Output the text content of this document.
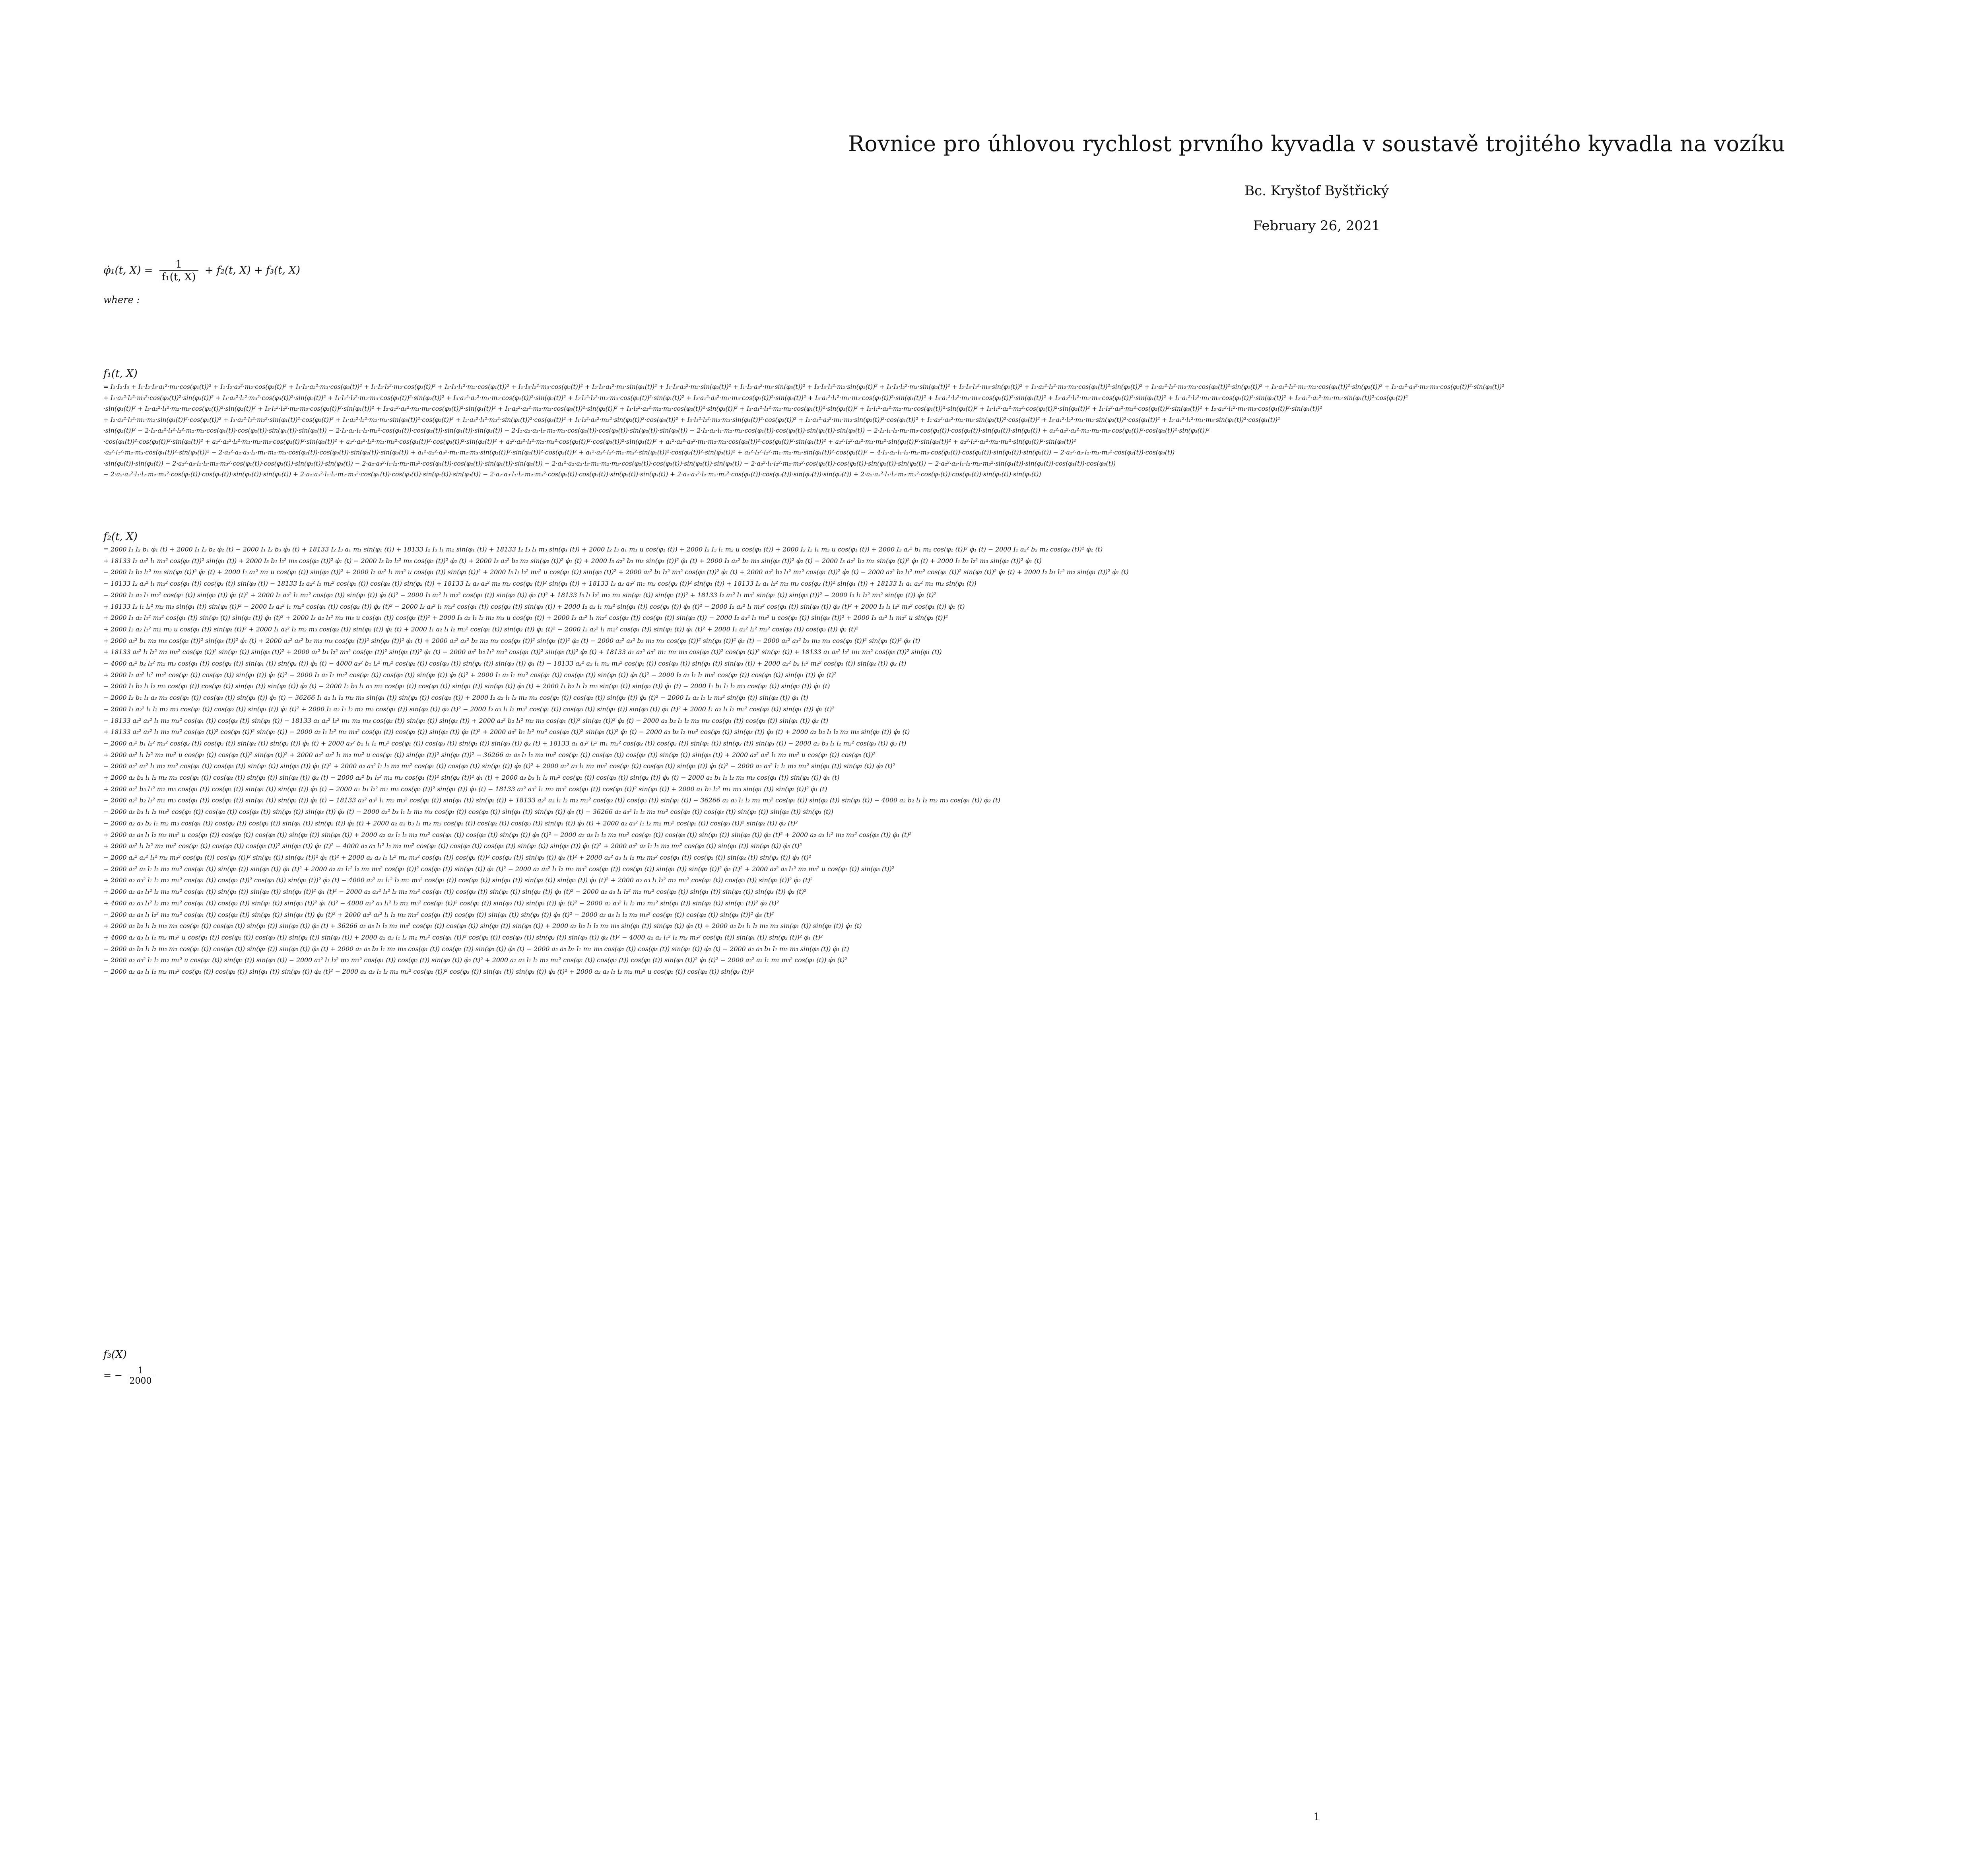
Rovnice pro úhlovou rychlost prvního kyvadla v soustavě trojitého kyvadla na vozíku
Bc. Kryštof Byštřický
February 26, 2021
φ̇₁(t, $X) = \frac{1}{\text{f₁(t, X)}} + f_2(t$, X) + f₃(t, X)
where :
f₁(t, X)
= I₁·I₂·I₃ + I₁·I₂·I₃·a₁²·m₁·cos(φ₁(t))² + I₁·I₂·a₂²·m₂·cos(φ₂(t))² + I₁·I₂·a₂²·m₃·cos(φ₂(t))² + I₁·I₂·l₂²·m₂·cos(φ₁(t))² + I₂·I₃·l₁²·m₂·cos(φ₁(t))² + I₁·I₃·l₂²·m₃·cos(φ₂(t))² + I₂·I₃·a₁²·m₁·sin(φ₁(t))² + I₁·I₃·a₂²·m₂·sin(φ₂(t))² + I₁·I₂·a₃²·m₃·sin(φ₃(t))² + I₂·I₃·l₁²·m₂·sin(φ₁(t))² + I₁·I₃·l₂²·m₃·sin(φ₂(t))² + I₂·I₃·l₁²·m₃·sin(φ₁(t))² + I₁·a₂²·l₂²·m₂·m₃·cos(φ₁(t))²·sin(φ₂(t))² + I₁·a₂²·l₂²·m₂·m₃·cos(φ₂(t))²·sin(φ₁(t))² + I₃·a₁²·l₂²·m₁·m₂·cos(φ₁(t))²·sin(φ₂(t))² + I₂·a₂²·a₃²·m₂·m₃·cos(φ₂(t))²·sin(φ₃(t))²
+ I₁·a₂²·l₂²·m₃²·cos(φ₂(t))²·sin(φ₃(t))² + I₁·a₃²·l₂²·m₃²·cos(φ₃(t))²·sin(φ₂(t))² + I₁·l₁²·l₂²·m₂·m₃·cos(φ₁(t))²·sin(φ₂(t))² + I₃·a₁²·a₂²·m₁·m₂·cos(φ₁(t))²·sin(φ₂(t))² + I₂·l₁²·l₂²·m₂·m₃·cos(φ₂(t))²·sin(φ₁(t))² + I₂·a₁²·a₃²·m₁·m₃·cos(φ₁(t))²·sin(φ₃(t))² + I₃·a₁²·l₁²·m₁·m₂·cos(φ₁(t))²·sin(φ₁(t))² + I₃·a₁²·l₂²·m₁·m₃·cos(φ₂(t))²·sin(φ₁(t))² + I₂·a₂²·l₁²·m₂·m₃·cos(φ₂(t))²·sin(φ₁(t))² + I₁·a₁²·l₂²·m₁·m₃·cos(φ₁(t))²·sin(φ₂(t))² + I₂·a₁²·a₂²·m₁·m₂·sin(φ₁(t))²·cos(φ₂(t))²
·sin(φ₁(t))² + I₂·a₂²·l₁²·m₂·m₃·cos(φ₁(t))²·sin(φ₂(t))² + I₃·l₁²·l₂²·m₂·m₃·cos(φ₂(t))²·sin(φ₁(t))² + I₂·a₁²·a₃²·m₁·m₃·cos(φ₃(t))²·sin(φ₁(t))² + I₁·a₂²·a₃²·m₂·m₃·cos(φ₃(t))²·sin(φ₂(t))² + I₁·l₂²·a₃²·m₂·m₃·cos(φ₂(t))²·sin(φ₃(t))² + I₃·a₁²·l₁²·m₁·m₂·cos(φ₁(t))²·sin(φ₁(t))² + I₂·l₁²·a₃²·m₂·m₃·cos(φ₁(t))²·sin(φ₃(t))² + I₃·l₁²·a₂²·m₂²·cos(φ₁(t))²·sin(φ₂(t))² + I₁·l₂²·a₃²·m₃²·cos(φ₂(t))²·sin(φ₃(t))² + I₂·a₁²·l₁²·m₁·m₃·cos(φ₁(t))²·sin(φ₁(t))²
+ I₂·a₁²·l₁²·m₁·m₂·sin(φ₁(t))²·cos(φ₁(t))² + I₃·a₂²·l₁²·m₂²·sin(φ₁(t))²·cos(φ₂(t))² + I₁·a₂²·l₂²·m₂·m₃·sin(φ₃(t))²·cos(φ₂(t))² + I₂·a₃²·l₁²·m₃²·sin(φ₁(t))²·cos(φ₃(t))² + I₁·l₂²·a₃²·m₃²·sin(φ₂(t))²·cos(φ₃(t))² + I₃·l₁²·l₂²·m₂·m₃·sin(φ₁(t))²·cos(φ₂(t))² + I₂·a₁²·a₂²·m₁·m₂·sin(φ₂(t))²·cos(φ₁(t))² + I₁·a₂²·a₃²·m₂·m₃·sin(φ₂(t))²·cos(φ₃(t))² + I₃·a₁²·l₂²·m₁·m₂·sin(φ₂(t))²·cos(φ₁(t))² + I₂·a₁²·l₁²·m₁·m₃·sin(φ₁(t))²·cos(φ₁(t))²
·sin(φ₂(t))² − 2·I₂·a₂²·l₁²·l₂²·m₂·m₃·cos(φ₁(t))·cos(φ₂(t))·sin(φ₁(t))·sin(φ₂(t)) − 2·I₃·a₂·l₁·l₂·m₂²·cos(φ₁(t))·cos(φ₂(t))·sin(φ₁(t))·sin(φ₂(t)) − 2·I₁·a₂·a₃·l₂·m₂·m₃·cos(φ₂(t))·cos(φ₃(t))·sin(φ₂(t))·sin(φ₃(t)) − 2·I₂·a₃·l₁·m₂·m₃·cos(φ₁(t))·cos(φ₃(t))·sin(φ₁(t))·sin(φ₃(t)) − 2·I₃·l₁·l₂·m₂·m₃·cos(φ₁(t))·cos(φ₂(t))·sin(φ₁(t))·sin(φ₂(t)) + a₁²·a₂²·a₃²·m₁·m₂·m₃·cos(φ₁(t))²·cos(φ₂(t))²·sin(φ₃(t))²
·cos(φ₁(t))²·cos(φ₃(t))²·sin(φ₂(t))² + a₁²·a₂²·l₂²·m₁·m₂·m₃·cos(φ₁(t))²·sin(φ₂(t))² + a₁²·a₃²·l₂²·m₁·m₃²·cos(φ₁(t))²·cos(φ₃(t))²·sin(φ₂(t))² + a₂²·a₃²·l₁²·m₂·m₃²·cos(φ₂(t))²·cos(φ₃(t))²·sin(φ₁(t))² + a₁²·a₂²·a₃²·m₁·m₂·m₃·cos(φ₂(t))²·cos(φ₃(t))²·sin(φ₁(t))² + a₁²·l₂²·a₃²·m₁·m₃²·sin(φ₁(t))²·sin(φ₂(t))² + a₂²·l₁²·a₃²·m₂·m₃²·sin(φ₁(t))²·sin(φ₃(t))²
·a₂²·l₁²·m₂·m₃·cos(φ₁(t))²·sin(φ₃(t))² − 2·a₁²·a₂·a₃·l₂·m₁·m₂·m₃·cos(φ₂(t))·cos(φ₃(t))·sin(φ₂(t))·sin(φ₃(t)) + a₁²·a₂²·a₃²·m₁·m₂·m₃·sin(φ₁(t))²·sin(φ₂(t))²·cos(φ₃(t))² + a₁²·a₃²·l₂²·m₁·m₃²·sin(φ₁(t))²·cos(φ₂(t))²·sin(φ₃(t))² + a₁²·l₁²·l₂²·m₁·m₂·m₃·sin(φ₁(t))²·cos(φ₂(t))² − 4·I₃·a₂·l₁·l₂·m₂·m₃·cos(φ₁(t))·cos(φ₂(t))·sin(φ₁(t))·sin(φ₂(t)) − 2·a₁²·a₃·l₂·m₁·m₃²·cos(φ₂(t))·cos(φ₃(t))
·sin(φ₂(t))·sin(φ₃(t)) − 2·a₂²·a₃·l₁·l₂·m₂·m₃²·cos(φ₁(t))·cos(φ₃(t))·sin(φ₁(t))·sin(φ₃(t)) − 2·a₂·a₃²·l₁·l₂·m₂·m₃²·cos(φ₁(t))·cos(φ₂(t))·sin(φ₁(t))·sin(φ₂(t)) − 2·a₁²·a₂·a₃·l₂·m₁·m₂·m₃·cos(φ₂(t))·cos(φ₃(t))·sin(φ₂(t))·sin(φ₃(t)) − 2·a₃²·l₁·l₂²·m₂·m₃²·cos(φ₁(t))·cos(φ₂(t))·sin(φ₁(t))·sin(φ₂(t)) − 2·a₂²·a₃·l₁·l₂·m₂·m₃²·sin(φ₁(t))·sin(φ₃(t))·cos(φ₁(t))·cos(φ₃(t))
− 2·a₂·a₃²·l₁·l₂·m₂·m₃²·cos(φ₁(t))·cos(φ₂(t))·sin(φ₁(t))·sin(φ₂(t)) + 2·a₂·a₃²·l₁·l₂·m₂·m₃²·cos(φ₁(t))·cos(φ₃(t))·sin(φ₁(t))·sin(φ₃(t)) − 2·a₂·a₃·l₁·l₂·m₂·m₃²·cos(φ₂(t))·cos(φ₃(t))·sin(φ₂(t))·sin(φ₃(t)) + 2·a₂·a₃²·l₂·m₂·m₃²·cos(φ₁(t))·cos(φ₃(t))·sin(φ₂(t))·sin(φ₃(t)) + 2·a₂·a₃²·l₁·l₂·m₂·m₃²·cos(φ₁(t))·cos(φ₂(t))·sin(φ₁(t))·sin(φ₃(t))
f₂(t, X)
= 2000 I₁ I₂ b₁ φ̇₁ (t) + 2000 I₁ I₃ b₂ φ̇₂ (t) − 2000 I₁ I₂ b₃ φ̇₃ (t) + 18133 I₂ I₃ a₁ m₁ sin(φ₁ (t)) + 18133 I₂ I₃ l₁ m₂ sin(φ₁ (t)) + 18133 I₂ I₃ l₁ m₃ sin(φ₁ (t)) + 2000 I₂ I₃ a₁ m₁ u cos(φ₁ (t)) + 2000 I₂ I₃ l₁ m₂ u cos(φ₁ (t)) + 2000 I₂ I₃ l₁ m₃ u cos(φ₁ (t)) + 2000 I₃ a₂² b₁ m₂ cos(φ₂ (t))² φ̇₁ (t) − 2000 I₁ a₂² b₂ m₂ cos(φ₂ (t))² φ̇₂ (t)
+ 18133 I₂ a₃² l₁ m₃² cos(φ₃ (t))² sin(φ₁ (t)) + 2000 I₃ b₁ l₂² m₃ cos(φ₂ (t))² φ̇₁ (t) − 2000 I₃ b₂ l₂² m₃ cos(φ₂ (t))² φ̇₂ (t) + 2000 I₃ a₂² b₂ m₂ sin(φ₂ (t))² φ̇₁ (t) + 2000 I₃ a₂² b₃ m₃ sin(φ₃ (t))² φ̇₁ (t) + 2000 I₃ a₃² b₂ m₃ sin(φ₃ (t))² φ̇₂ (t) − 2000 I₃ a₂² b₂ m₂ sin(φ₂ (t))² φ̇₁ (t) + 2000 I₁ b₂ l₂² m₃ sin(φ₂ (t))² φ̇₁ (t)
− 2000 I₃ b₂ l₂² m₃ sin(φ₂ (t))² φ̇₂ (t) + 2000 I₁ a₂² m₂ u cos(φ₁ (t)) sin(φ₂ (t))² + 2000 I₂ a₃² l₁ m₃² u cos(φ₁ (t)) sin(φ₃ (t))² + 2000 I₃ l₁ l₂² m₃² u cos(φ₁ (t)) sin(φ₂ (t))² + 2000 a₃² b₁ l₂² m₃² cos(φ₃ (t))² φ̇₁ (t) + 2000 a₂² b₂ l₁² m₂² cos(φ₁ (t))² φ̇₂ (t) − 2000 a₂² b₂ l₁² m₂² cos(φ₁ (t))² sin(φ₂ (t))² φ̇₂ (t) + 2000 I₂ b₁ l₁² m₂ sin(φ₁ (t))² φ̇₁ (t)
− 18133 I₂ a₃² l₁ m₃² cos(φ₁ (t)) cos(φ₃ (t)) sin(φ₃ (t)) − 18133 I₂ a₂² l₁ m₂² cos(φ₁ (t)) cos(φ₂ (t)) sin(φ₂ (t)) + 18133 I₂ a₃ a₂² m₂ m₃ cos(φ₂ (t))² sin(φ₁ (t)) + 18133 I₃ a₂ a₃² m₁ m₃ cos(φ₃ (t))² sin(φ₁ (t)) + 18133 I₃ a₁ l₂² m₁ m₃ cos(φ₂ (t))² sin(φ₁ (t)) + 18133 I₁ a₁ a₂² m₁ m₂ sin(φ₁ (t))
− 2000 I₃ a₂ l₁ m₂² cos(φ₁ (t)) sin(φ₂ (t)) φ̇₂ (t)² + 2000 I₃ a₂² l₁ m₂² cos(φ₂ (t)) sin(φ₁ (t)) φ̇₂ (t)² − 2000 I₃ a₂² l₁ m₂² cos(φ₁ (t)) sin(φ₂ (t)) φ̇₂ (t)² + 18133 I₃ l₁ l₂² m₂ m₃ sin(φ₁ (t)) sin(φ₂ (t))² + 18133 I₂ a₃² l₁ m₃² sin(φ₁ (t)) sin(φ₃ (t))² − 2000 I₃ l₁ l₂² m₃² sin(φ₂ (t)) φ̇₂ (t)²
+ 18133 I₃ l₁ l₂² m₂ m₃ sin(φ₁ (t)) sin(φ₂ (t))² − 2000 I₃ a₂² l₁ m₂² cos(φ₁ (t)) cos(φ₂ (t)) φ̇₂ (t)² − 2000 I₂ a₃² l₁ m₃² cos(φ₁ (t)) cos(φ₃ (t)) sin(φ₃ (t)) + 2000 I₂ a₃ l₁ m₃² sin(φ₁ (t)) cos(φ₃ (t)) φ̇₃ (t)² − 2000 I₂ a₃² l₁ m₃² cos(φ₁ (t)) sin(φ₃ (t)) φ̇₃ (t)² + 2000 I₃ l₁ l₂² m₃² cos(φ₁ (t)) φ̇₁ (t)
+ 2000 I₁ a₂ l₁² m₃² cos(φ₁ (t)) sin(φ₁ (t)) sin(φ₂ (t)) φ̇₁ (t)² + 2000 I₃ a₂ l₁² m₂ m₃ u cos(φ₁ (t)) cos(φ₂ (t))² + 2000 I₃ a₂ l₁ l₂ m₂ m₃ u cos(φ₁ (t)) + 2000 I₃ a₂² l₁ m₂² cos(φ₂ (t)) cos(φ₁ (t)) sin(φ₂ (t)) − 2000 I₂ a₃² l₁ m₃² u cos(φ₁ (t)) sin(φ₃ (t))² + 2000 I₃ a₂² l₁ m₂² u sin(φ₂ (t))²
+ 2000 I₃ a₂ l₁² m₂ m₃ u cos(φ₁ (t)) sin(φ₂ (t))² + 2000 I₁ a₂² l₂ m₂ m₃ cos(φ₂ (t)) sin(φ₂ (t)) φ̇₂ (t) + 2000 I₁ a₂ l₁ l₂ m₃² cos(φ₁ (t)) sin(φ₂ (t)) φ̇₂ (t)² − 2000 I₃ a₂² l₁ m₂² cos(φ₁ (t)) sin(φ₁ (t)) φ̇₁ (t)² + 2000 I₁ a₃² l₂² m₃² cos(φ₂ (t)) cos(φ₃ (t)) φ̇₂ (t)²
+ 2000 a₂² b₁ m₂ m₃ cos(φ₂ (t))² sin(φ₃ (t))² φ̇₁ (t) + 2000 a₂² a₃² b₂ m₂ m₃ cos(φ₂ (t))² sin(φ₃ (t))² φ̇₁ (t) + 2000 a₂² a₃² b₂ m₂ m₃ cos(φ₃ (t))² sin(φ₂ (t))² φ̇₂ (t) − 2000 a₂² a₃² b₂ m₂ m₃ cos(φ₂ (t))² sin(φ₃ (t))² φ̇₂ (t) − 2000 a₂² a₃² b₃ m₂ m₃ cos(φ₂ (t))² sin(φ₃ (t))² φ̇₃ (t)
+ 18133 a₃² l₁ l₂² m₂ m₃² cos(φ₂ (t))² sin(φ₁ (t)) sin(φ₃ (t))² + 2000 a₃² b₁ l₂² m₃² cos(φ₂ (t))² sin(φ₃ (t))² φ̇₁ (t) − 2000 a₃² b₂ l₁² m₃² cos(φ₁ (t))² sin(φ₃ (t))² φ̇₂ (t) + 18133 a₁ a₂² a₃² m₁ m₂ m₃ cos(φ₂ (t))² cos(φ₃ (t))² sin(φ₁ (t)) + 18133 a₁ a₃² l₂² m₁ m₃² cos(φ₃ (t))² sin(φ₁ (t))
− 4000 a₂² b₂ l₁² m₂ m₃ cos(φ₁ (t)) cos(φ₂ (t)) sin(φ₁ (t)) sin(φ₂ (t)) φ̇₂ (t) − 4000 a₃² b₁ l₂² m₃² cos(φ₂ (t)) cos(φ₃ (t)) sin(φ₂ (t)) sin(φ₃ (t)) φ̇₁ (t) − 18133 a₂² a₃ l₁ m₂ m₃² cos(φ₁ (t)) cos(φ₃ (t)) sin(φ₁ (t)) sin(φ₃ (t)) + 2000 a₂² b₂ l₁² m₂² cos(φ₁ (t)) sin(φ₂ (t)) φ̇₂ (t)
+ 2000 I₂ a₂² l₁² m₂² cos(φ₁ (t)) cos(φ₂ (t)) sin(φ₁ (t)) φ̇₁ (t)² − 2000 I₃ a₂ l₁ m₂² cos(φ₁ (t)) cos(φ₂ (t)) sin(φ₂ (t)) φ̇₂ (t)² + 2000 I₁ a₃ l₁ m₃² cos(φ₁ (t)) cos(φ₃ (t)) sin(φ₃ (t)) φ̇₃ (t)² − 2000 I₂ a₃ l₁ l₂ m₃² cos(φ₂ (t)) cos(φ₃ (t)) sin(φ₁ (t)) φ̇₂ (t)²
− 2000 I₁ b₂ l₁ l₂ m₃ cos(φ₁ (t)) cos(φ₂ (t)) sin(φ₁ (t)) sin(φ₂ (t)) φ̇₂ (t) − 2000 I₂ b₃ l₁ a₃ m₃ cos(φ₁ (t)) cos(φ₃ (t)) sin(φ₁ (t)) sin(φ₃ (t)) φ̇₃ (t) + 2000 I₁ b₂ l₁ l₂ m₃ sin(φ₁ (t)) sin(φ₂ (t)) φ̇₁ (t) − 2000 I₁ b₁ l₁ l₂ m₃ cos(φ₁ (t)) sin(φ₂ (t)) φ̇₁ (t)
− 2000 I₂ b₁ l₁ a₃ m₃ cos(φ₁ (t)) cos(φ₃ (t)) sin(φ₃ (t)) φ̇₁ (t) − 36266 I₁ a₂ l₁ l₂ m₂ m₃ sin(φ₁ (t)) sin(φ₂ (t)) cos(φ₂ (t)) + 2000 I₂ a₂ l₁ l₂ m₂ m₃ cos(φ₁ (t)) cos(φ₂ (t)) sin(φ₂ (t)) φ̇₂ (t)² − 2000 I₃ a₂ l₁ l₂ m₃² sin(φ₁ (t)) sin(φ₂ (t)) φ̇₁ (t)
− 2000 I₁ a₂² l₁ l₂ m₂ m₃ cos(φ₁ (t)) cos(φ₂ (t)) sin(φ₁ (t)) φ̇₁ (t)² + 2000 I₂ a₂ l₁ l₂ m₂ m₃ cos(φ₁ (t)) sin(φ₂ (t)) φ̇₂ (t)² − 2000 I₂ a₃ l₁ l₂ m₃² cos(φ₁ (t)) cos(φ₃ (t)) sin(φ₁ (t)) sin(φ₃ (t)) φ̇₁ (t)² + 2000 I₁ a₂ l₁ l₂ m₃² cos(φ₂ (t)) sin(φ₁ (t)) φ̇₂ (t)²
− 18133 a₂² a₃² l₁ m₂ m₃² cos(φ₁ (t)) cos(φ₃ (t)) sin(φ₃ (t)) − 18133 a₁ a₂² l₂² m₁ m₂ m₃ cos(φ₂ (t)) sin(φ₁ (t)) sin(φ₂ (t)) + 2000 a₂² b₂ l₁² m₂ m₃ cos(φ₁ (t))² sin(φ₂ (t))² φ̇₂ (t) − 2000 a₂ b₂ l₁ l₂ m₂ m₃ cos(φ₁ (t)) cos(φ₂ (t)) sin(φ₁ (t)) φ̇₂ (t)
+ 18133 a₂² a₃² l₁ m₂ m₃² cos(φ₂ (t))² cos(φ₃ (t))² sin(φ₁ (t)) − 2000 a₂ l₁ l₂² m₂ m₃² cos(φ₁ (t)) cos(φ₂ (t)) sin(φ₂ (t)) φ̇₂ (t)² + 2000 a₃² b₁ l₂² m₃² cos(φ₂ (t))² sin(φ₃ (t))² φ̇₁ (t) − 2000 a₃ b₃ l₂ m₃² cos(φ₂ (t)) sin(φ₃ (t)) φ̇₃ (t) + 2000 a₂ b₂ l₁ l₂ m₂ m₃ sin(φ₂ (t)) φ̇₂ (t)
− 2000 a₃² b₁ l₂² m₃² cos(φ₂ (t)) cos(φ₃ (t)) sin(φ₂ (t)) sin(φ₃ (t)) φ̇₁ (t) + 2000 a₃² b₂ l₁ l₂ m₃² cos(φ₁ (t)) cos(φ₃ (t)) sin(φ₁ (t)) sin(φ₃ (t)) φ̇₂ (t) + 18133 a₁ a₃² l₂² m₁ m₃² cos(φ₂ (t)) cos(φ₃ (t)) sin(φ₁ (t)) sin(φ₂ (t)) sin(φ₃ (t)) − 2000 a₃ b₃ l₁ l₂ m₃² cos(φ₃ (t)) φ̇₃ (t)
+ 2000 a₃² l₁ l₂² m₂ m₃² u cos(φ₁ (t)) cos(φ₂ (t))² sin(φ₃ (t))² + 2000 a₂² a₃² l₁ m₂ m₃² u cos(φ₁ (t)) sin(φ₂ (t))² sin(φ₃ (t))² − 36266 a₂ a₃ l₁ l₂ m₂ m₃² cos(φ₁ (t)) cos(φ₂ (t)) cos(φ₃ (t)) sin(φ₂ (t)) sin(φ₃ (t)) + 2000 a₂² a₃² l₁ m₂ m₃² u cos(φ₁ (t)) cos(φ₃ (t))²
− 2000 a₂² a₃² l₁ m₂ m₃² cos(φ₁ (t)) cos(φ₃ (t)) sin(φ₁ (t)) sin(φ₃ (t)) φ̇₁ (t)² + 2000 a₂ a₃² l₁ l₂ m₂ m₃² cos(φ₁ (t)) cos(φ₂ (t)) sin(φ₁ (t)) φ̇₂ (t)² + 2000 a₂² a₃ l₁ m₂ m₃² cos(φ₁ (t)) cos(φ₃ (t)) sin(φ₃ (t)) φ̇₃ (t)² − 2000 a₂ a₃² l₁ l₂ m₂ m₃² sin(φ₁ (t)) sin(φ₂ (t)) φ̇₂ (t)²
+ 2000 a₂ b₂ l₁ l₂ m₂ m₃ cos(φ₁ (t)) cos(φ₂ (t)) sin(φ₁ (t)) sin(φ₂ (t)) φ̇₂ (t) − 2000 a₂² b₁ l₁² m₂ m₃ cos(φ₁ (t))² sin(φ₂ (t))² φ̇₁ (t) + 2000 a₃ b₃ l₁ l₂ m₃² cos(φ₁ (t)) cos(φ₃ (t)) sin(φ₂ (t)) φ̇₃ (t) − 2000 a₁ b₁ l₁ l₂ m₁ m₃ cos(φ₁ (t)) sin(φ₂ (t)) φ̇₁ (t)
+ 2000 a₂² b₃ l₁² m₂ m₃ cos(φ₁ (t)) cos(φ₃ (t)) sin(φ₁ (t)) sin(φ₃ (t)) φ̇₃ (t) − 2000 a₁ b₁ l₂² m₁ m₃ cos(φ₂ (t))² sin(φ₁ (t)) φ̇₁ (t) − 18133 a₂² a₃² l₁ m₂ m₃² cos(φ₁ (t)) cos(φ₃ (t))² sin(φ₃ (t)) + 2000 a₁ b₁ l₂² m₁ m₃ sin(φ₁ (t)) sin(φ₂ (t))² φ̇₁ (t)
− 2000 a₂² b₂ l₁² m₂ m₃ cos(φ₁ (t)) cos(φ₂ (t)) sin(φ₁ (t)) sin(φ₂ (t)) φ̇₂ (t) − 18133 a₂² a₃² l₁ m₂ m₃² cos(φ₂ (t)) sin(φ₁ (t)) sin(φ₂ (t)) + 18133 a₂² a₃ l₁ l₂ m₂ m₃² cos(φ₂ (t)) cos(φ₃ (t)) sin(φ₁ (t)) − 36266 a₂ a₃ l₁ l₂ m₂ m₃² cos(φ₁ (t)) sin(φ₂ (t)) sin(φ₃ (t)) − 4000 a₂ b₂ l₁ l₂ m₂ m₃ cos(φ₁ (t)) φ̇₂ (t)
− 2000 a₃ b₃ l₁ l₂ m₃² cos(φ₁ (t)) cos(φ₂ (t)) cos(φ₃ (t)) sin(φ₂ (t)) sin(φ₃ (t)) φ̇₃ (t) − 2000 a₂² b₃ l₁ l₂ m₂ m₃ cos(φ₁ (t)) cos(φ₂ (t)) sin(φ₁ (t)) sin(φ₃ (t)) φ̇₃ (t) − 36266 a₂ a₃² l₁ l₂ m₂ m₃² cos(φ₂ (t)) cos(φ₃ (t)) sin(φ₁ (t)) sin(φ₂ (t)) sin(φ₃ (t))
− 2000 a₂ a₃ b₂ l₁ m₂ m₃ cos(φ₁ (t)) cos(φ₂ (t)) cos(φ₃ (t)) sin(φ₁ (t)) sin(φ₂ (t)) φ̇₂ (t) + 2000 a₂ a₃ b₃ l₁ m₂ m₃ cos(φ₁ (t)) cos(φ₂ (t)) cos(φ₃ (t)) sin(φ₃ (t)) φ̇₃ (t) + 2000 a₂ a₃² l₁ l₂ m₂ m₃² cos(φ₁ (t)) cos(φ₃ (t))² sin(φ₂ (t)) φ̇₂ (t)²
+ 2000 a₂ a₃ l₁ l₂ m₂ m₃² u cos(φ₁ (t)) cos(φ₂ (t)) cos(φ₃ (t)) sin(φ₂ (t)) sin(φ₃ (t)) + 2000 a₂ a₃ l₁ l₂ m₂ m₃² cos(φ₁ (t)) cos(φ₂ (t)) sin(φ₃ (t)) φ̇₃ (t)² − 2000 a₂ a₃ l₁ l₂ m₂ m₃² cos(φ₁ (t)) cos(φ₃ (t)) sin(φ₁ (t)) sin(φ₂ (t)) φ̇₂ (t)² + 2000 a₂ a₃ l₁² m₂ m₃² cos(φ₃ (t)) φ̇₁ (t)²
+ 2000 a₃² l₁ l₂² m₂ m₃² cos(φ₁ (t)) cos(φ₂ (t)) cos(φ₃ (t))² sin(φ₂ (t)) φ̇₂ (t)² − 4000 a₂ a₃ l₁² l₂ m₂ m₃² cos(φ₁ (t)) cos(φ₂ (t)) cos(φ₃ (t)) sin(φ₁ (t)) sin(φ₃ (t)) φ̇₁ (t)² + 2000 a₂² a₃ l₁ l₂ m₂ m₃² cos(φ₂ (t)) sin(φ₁ (t)) sin(φ₃ (t)) φ̇₃ (t)²
− 2000 a₂² a₃² l₁² m₂ m₃² cos(φ₁ (t)) cos(φ₃ (t))² sin(φ₁ (t)) sin(φ₂ (t))² φ̇₁ (t)² + 2000 a₂ a₃ l₁ l₂² m₂ m₃² cos(φ₁ (t)) cos(φ₂ (t))² cos(φ₃ (t)) sin(φ₃ (t)) φ̇₂ (t)² + 2000 a₂² a₃ l₁ l₂ m₂ m₃² cos(φ₁ (t)) cos(φ₂ (t)) sin(φ₂ (t)) sin(φ₃ (t)) φ̇₃ (t)²
− 2000 a₂² a₃ l₁ l₂ m₂ m₃² cos(φ₁ (t)) sin(φ₂ (t)) sin(φ₃ (t)) φ̇₁ (t)² + 2000 a₂ a₃ l₁² l₂ m₂ m₃² cos(φ₁ (t))² cos(φ₂ (t)) sin(φ₃ (t)) φ̇₁ (t)² − 2000 a₂ a₃² l₁ l₂ m₂ m₃² cos(φ₂ (t)) cos(φ₃ (t)) sin(φ₁ (t)) sin(φ₂ (t))² φ̇₂ (t)² + 2000 a₂² a₃ l₁² m₂ m₃² u cos(φ₁ (t)) sin(φ₃ (t))²
+ 2000 a₂ a₃² l₁ l₂ m₂ m₃² cos(φ₁ (t)) cos(φ₂ (t))² cos(φ₃ (t)) sin(φ₃ (t))² φ̇₂ (t) − 4000 a₂² a₃ l₁² l₂ m₂ m₃² cos(φ₁ (t)) cos(φ₂ (t)) sin(φ₁ (t)) sin(φ₂ (t)) sin(φ₃ (t)) φ̇₁ (t)² + 2000 a₂ a₃ l₁ l₂² m₂ m₃² cos(φ₁ (t)) cos(φ₃ (t)) sin(φ₂ (t))² φ̇₂ (t)²
+ 2000 a₂ a₃ l₁² l₂ m₂ m₃² cos(φ₁ (t)) sin(φ₁ (t)) sin(φ₂ (t)) sin(φ₃ (t))² φ̇₁ (t)² − 2000 a₂ a₃² l₁² l₂ m₂ m₃² cos(φ₁ (t)) cos(φ₃ (t)) sin(φ₁ (t)) sin(φ₂ (t)) φ̇₁ (t)² − 2000 a₂ a₃ l₁ l₂² m₂ m₃² cos(φ₂ (t)) sin(φ₁ (t)) sin(φ₂ (t)) sin(φ₃ (t)) φ̇₂ (t)²
+ 4000 a₂ a₃ l₁² l₂ m₂ m₃² cos(φ₁ (t)) cos(φ₂ (t)) sin(φ₁ (t)) sin(φ₃ (t))² φ̇₁ (t)² − 4000 a₂² a₃ l₁² l₂ m₂ m₃² cos(φ₁ (t))² cos(φ₂ (t)) sin(φ₂ (t)) sin(φ₃ (t)) φ̇₁ (t)² − 2000 a₂ a₃² l₁ l₂ m₂ m₃² sin(φ₁ (t)) sin(φ₂ (t)) sin(φ₃ (t))² φ̇₂ (t)²
− 2000 a₂ a₃ l₁ l₂² m₂ m₃² cos(φ₁ (t)) cos(φ₂ (t)) sin(φ₂ (t)) sin(φ₃ (t)) φ̇₂ (t)² + 2000 a₂² a₃² l₁ l₂ m₂ m₃² cos(φ₁ (t)) cos(φ₃ (t)) sin(φ₁ (t)) sin(φ₃ (t)) φ̇₃ (t)² − 2000 a₂ a₃ l₁ l₂ m₂ m₃² cos(φ₁ (t)) cos(φ₂ (t)) sin(φ₃ (t))² φ̇₃ (t)²
+ 2000 a₂ b₂ l₁ l₂ m₂ m₃ cos(φ₁ (t)) cos(φ₂ (t)) sin(φ₁ (t)) sin(φ₂ (t)) φ̇₂ (t) + 36266 a₂ a₃ l₁ l₂ m₂ m₃² cos(φ₁ (t)) cos(φ₃ (t)) sin(φ₂ (t)) sin(φ₃ (t)) + 2000 a₂ b₂ l₁ l₂ m₂ m₃ sin(φ₁ (t)) sin(φ₂ (t)) φ̇₂ (t) + 2000 a₂ b₁ l₁ l₂ m₂ m₃ sin(φ₁ (t)) sin(φ₂ (t)) φ̇₁ (t)
+ 4000 a₂ a₃ l₁ l₂ m₂ m₃² u cos(φ₁ (t)) cos(φ₂ (t)) cos(φ₃ (t)) sin(φ₂ (t)) sin(φ₃ (t)) + 2000 a₂ a₃ l₁ l₂ m₂ m₃² cos(φ₁ (t))² cos(φ₂ (t)) cos(φ₃ (t)) sin(φ₂ (t)) sin(φ₃ (t)) φ̇₂ (t)² − 4000 a₂ a₃ l₁² l₂ m₂ m₃² cos(φ₁ (t)) sin(φ₁ (t)) sin(φ₂ (t))² φ̇₁ (t)²
− 2000 a₂ b₃ l₁ l₂ m₂ m₃ cos(φ₁ (t)) cos(φ₃ (t)) sin(φ₂ (t)) sin(φ₃ (t)) φ̇₃ (t) + 2000 a₂ a₃ b₃ l₁ m₂ m₃ cos(φ₁ (t)) cos(φ₂ (t)) sin(φ₃ (t)) φ̇₃ (t) − 2000 a₂ a₃ b₂ l₁ m₂ m₃ cos(φ₂ (t)) cos(φ₃ (t)) sin(φ₁ (t)) φ̇₂ (t) − 2000 a₂ a₃ b₁ l₁ m₂ m₃ sin(φ₃ (t)) φ̇₁ (t)
− 2000 a₂ a₃² l₁ l₂ m₂ m₃² u cos(φ₁ (t)) sin(φ₂ (t)) sin(φ₃ (t)) − 2000 a₃² l₁ l₂² m₂ m₃² cos(φ₁ (t)) cos(φ₂ (t)) sin(φ₂ (t)) φ̇₂ (t)² + 2000 a₂ a₃ l₁ l₂ m₂ m₃² cos(φ₁ (t)) cos(φ₂ (t)) cos(φ₃ (t)) sin(φ₃ (t))² φ̇₃ (t)² − 2000 a₂² a₃ l₁ m₂ m₃² cos(φ₁ (t)) φ̇₃ (t)²
− 2000 a₂ a₃ l₁ l₂ m₂ m₃² cos(φ₁ (t)) cos(φ₂ (t)) sin(φ₁ (t)) sin(φ₃ (t)) φ̇₂ (t)² − 2000 a₂ a₃ l₁ l₂ m₂ m₃² cos(φ₂ (t))² cos(φ₃ (t)) sin(φ₁ (t)) sin(φ₃ (t)) φ̇₂ (t)² + 2000 a₂ a₃ l₁ l₂ m₂ m₃² u cos(φ₁ (t)) cos(φ₂ (t)) sin(φ₃ (t))²
f₃(X)
= − $\frac{1}{2000}$
1
